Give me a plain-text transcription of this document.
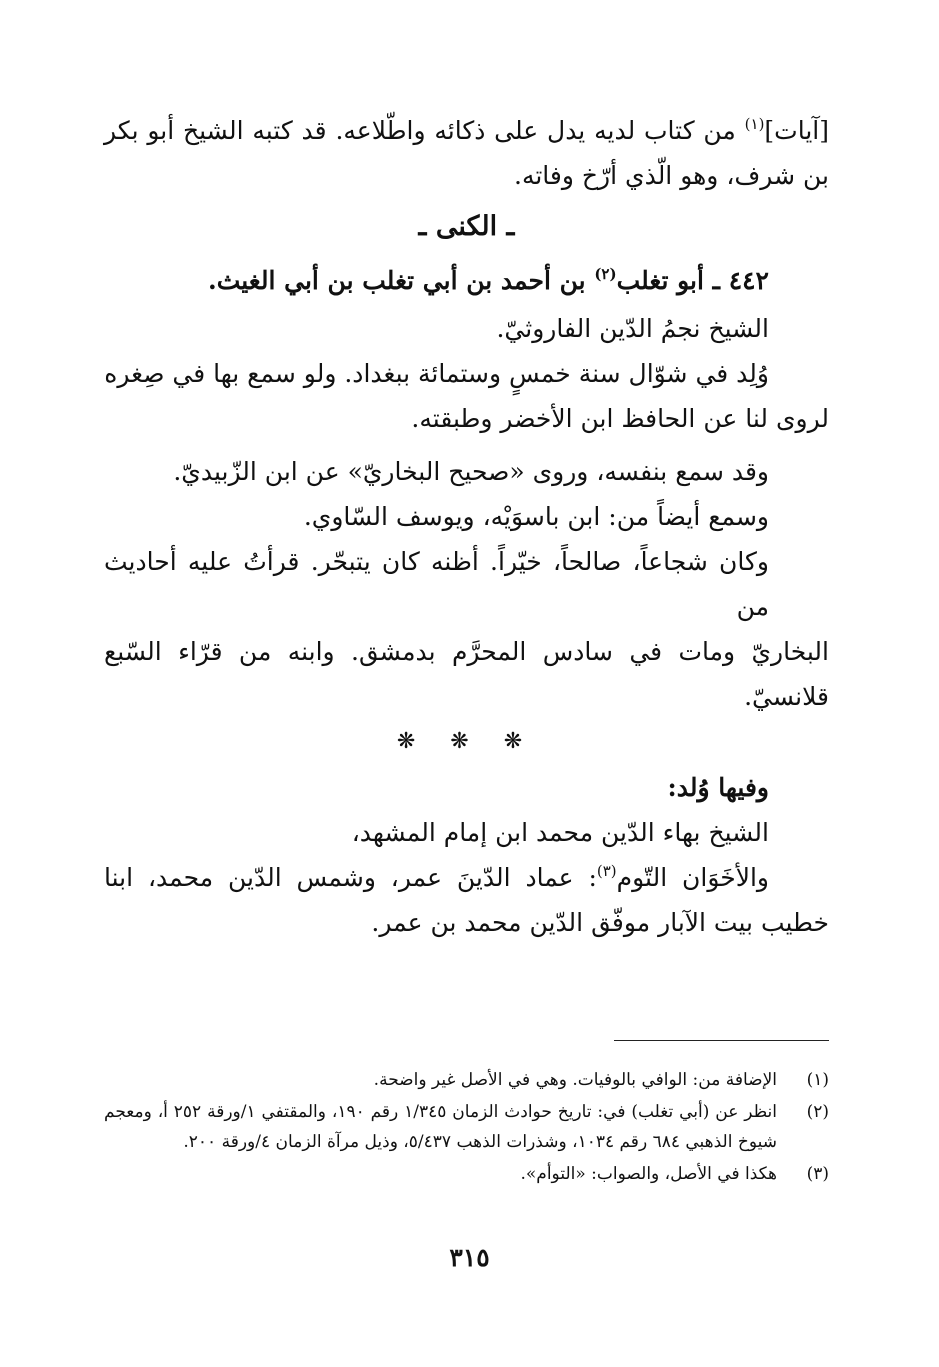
[آيات]$^{(١)}$ من كتاب لديه يدل على ذكائه واطّلاعه. قد كتبه الشيخ أبو بكر بن شرف، وهو الّذي أرّخ وفاته.

ـ الكنى ـ

٤٤٢ ـ أبو تغلب$^{(٢)}$ بن أحمد بن أبي تغلب بن أبي الغيث.

الشيخ نجمُ الدّين الفاروثيّ.

وُلِد في شوّال سنة خمسٍ وستمائة ببغداد. ولو سمع بها في صِغره لروى لنا عن الحافظ ابن الأخضر وطبقته.

وقد سمع بنفسه، وروى «صحيح البخاريّ» عن ابن الزّبيديّ.

وسمع أيضاً من: ابن باسوَيْه، ويوسف السّاوي.

وكان شجاعاً، صالحاً، خيّراً. أظنه كان يتبحّر. قرأتُ عليه أحاديث من البخاريّ ومات في سادس المحرَّم بدمشق. وابنه من قرّاء السّبع قلانسيّ.

❋ ❋ ❋

وفيها وُلد:

الشيخ بهاء الدّين محمد ابن إمام المشهد،

والأخَوَان التّوم$^{(٣)}$: عماد الدّينَ عمر، وشمس الدّين محمد، ابنا خطيب بيت الآبار موفّق الدّين محمد بن عمر.

(١)
الإضافة من: الوافي بالوفيات. وهي في الأصل غير واضحة.
(٢)
انظر عن (أبي تغلب) في: تاريخ حوادث الزمان ١/٣٤٥ رقم ١٩٠، والمقتفي ١/ورقة ٢٥٢ أ، ومعجم شيوخ الذهبي ٦٨٤ رقم ١٠٣٤، وشذرات الذهب ٥/٤٣٧، وذيل مرآة الزمان ٤/ورقة ٢٠٠.
(٣)
هكذا في الأصل، والصواب: «التوأم».
٣١٥
